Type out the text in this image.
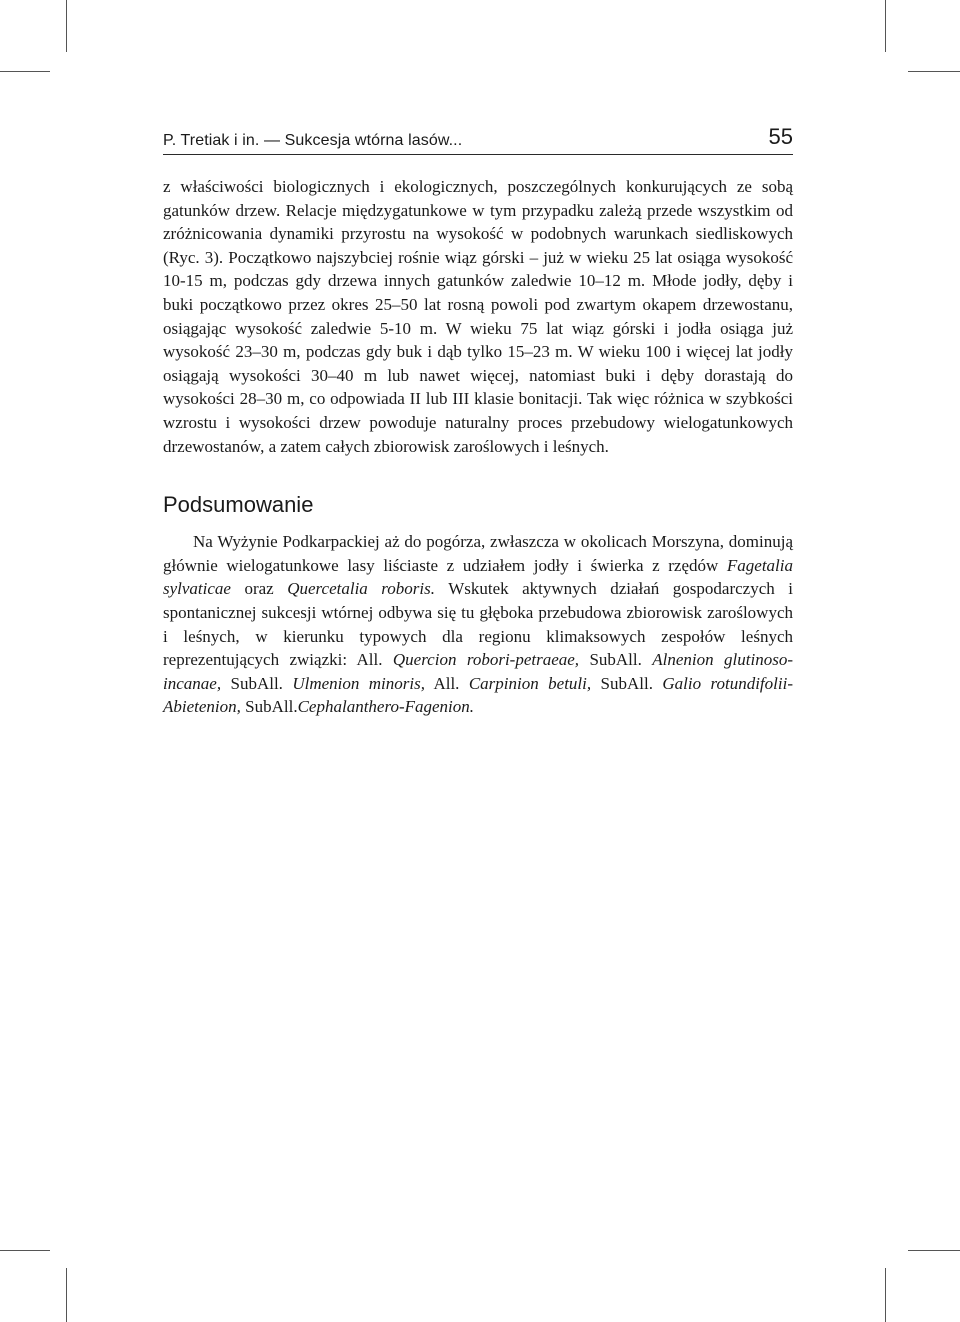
P. Tretiak i in. — Sukcesja wtórna lasów...	55

z właściwości biologicznych i ekologicznych, poszczególnych konkurujących ze sobą gatunków drzew. Relacje międzygatunkowe w tym przypadku zależą przede wszystkim od zróżnicowania dynamiki przyrostu na wysokość w podobnych warunkach siedliskowych (Ryc. 3). Początkowo najszybciej rośnie wiąz górski – już w wieku 25 lat osiąga wysokość 10-15 m, podczas gdy drzewa innych gatunków zaledwie 10–12 m. Młode jodły, dęby i buki początkowo przez okres 25–50 lat rosną powoli pod zwartym okapem drzewostanu, osiągając wysokość zaledwie 5-10 m. W wieku 75 lat wiąz górski i jodła osiąga już wysokość 23–30 m, podczas gdy buk i dąb tylko 15–23 m. W wieku 100 i więcej lat jodły osiągają wysokości 30–40 m lub nawet więcej, natomiast buki i dęby dorastają do wysokości 28–30 m, co odpowiada II lub III klasie bonitacji. Tak więc różnica w szybkości wzrostu i wysokości drzew powoduje naturalny proces przebudowy wielogatunkowych drzewostanów, a zatem całych zbiorowisk zaroślowych i leśnych.

Podsumowanie

Na Wyżynie Podkarpackiej aż do pogórza, zwłaszcza w okolicach Morszyna, dominują głównie wielogatunkowe lasy liściaste z udziałem jodły i świerka z rzędów Fagetalia sylvaticae oraz Quercetalia roboris. Wskutek aktywnych działań gospodarczych i spontanicznej sukcesji wtórnej odbywa się tu głęboka przebudowa zbiorowisk zaroślowych i leśnych, w kierunku typowych dla regionu klimaksowych zespołów leśnych reprezentujących związki: All. Quercion robori-petraeae, SubAll. Alnenion glutinoso-incanae, SubAll. Ulmenion minoris, All. Carpinion betuli, SubAll. Galio rotundifolii-Abietenion, SubAll.Cephalanthero-Fagenion.
